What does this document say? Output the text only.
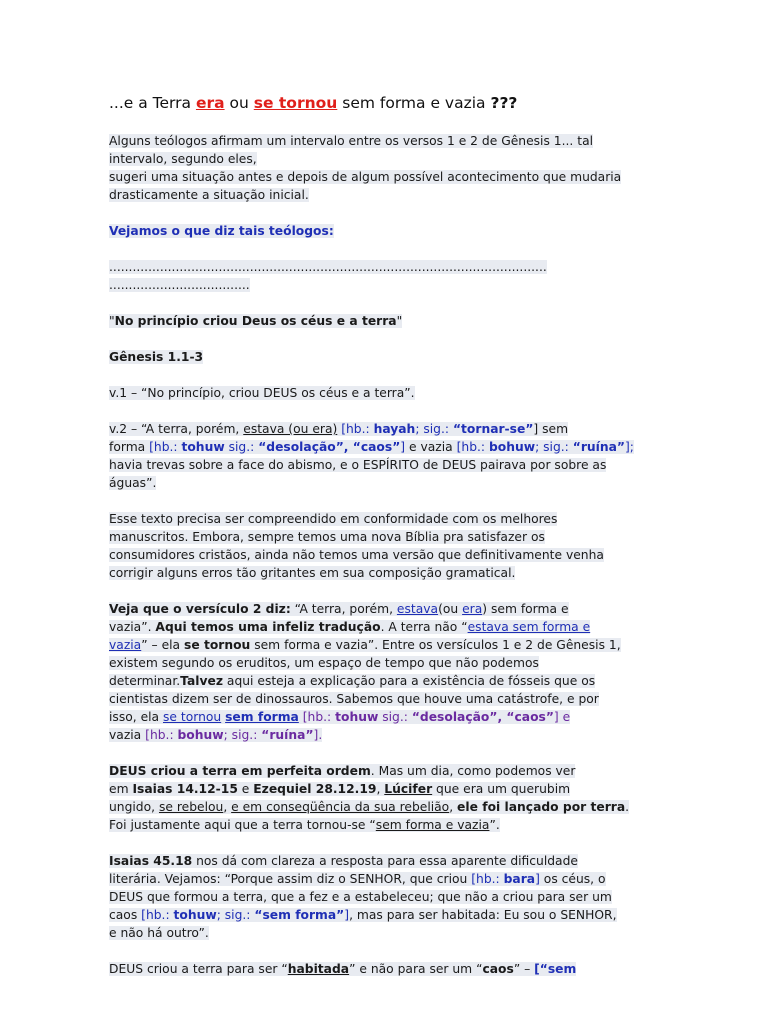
...e a Terra era ou se tornou sem forma e vazia ???
Alguns teólogos afirmam um intervalo entre os versos 1 e 2 de Gênesis 1... tal
intervalo, segundo eles,
sugeri uma situação antes e depois de algum possível acontecimento que mudaria
drasticamente a situação inicial.
Vejamos o que diz tais teólogos:
................................................................................................................
....................................
"No princípio criou Deus os céus e a terra"
Gênesis 1.1-3
v.1 – “No princípio, criou DEUS os céus e a terra”.
v.2 – “A terra, porém, estava (ou era) [hb.: hayah; sig.: “tornar-se”] sem
forma [hb.: tohuw sig.: “desolação”, “caos”] e vazia [hb.: bohuw; sig.: “ruína”];
havia trevas sobre a face do abismo, e o ESPÍRITO de DEUS pairava por sobre as
águas”.
Esse texto precisa ser compreendido em conformidade com os melhores
manuscritos. Embora, sempre temos uma nova Bíblia pra satisfazer os
consumidores cristãos, ainda não temos uma versão que definitivamente venha
corrigir alguns erros tão gritantes em sua composição gramatical.
Veja que o versículo 2 diz: “A terra, porém, estava(ou era) sem forma e
vazia”. Aqui temos uma infeliz tradução. A terra não “estava sem forma e
vazia” – ela se tornou sem forma e vazia”. Entre os versículos 1 e 2 de Gênesis 1,
existem segundo os eruditos, um espaço de tempo que não podemos
determinar.Talvez aqui esteja a explicação para a existência de fósseis que os
cientistas dizem ser de dinossauros. Sabemos que houve uma catástrofe, e por
isso, ela se tornou sem forma [hb.: tohuw sig.: “desolação”, “caos”] e
vazia [hb.: bohuw; sig.: “ruína”].
DEUS criou a terra em perfeita ordem. Mas um dia, como podemos ver
em Isaias 14.12-15 e Ezequiel 28.12.19, Lúcifer que era um querubim
ungido, se rebelou, e em conseqüência da sua rebelião, ele foi lançado por terra.
Foi justamente aqui que a terra tornou-se “sem forma e vazia”.
Isaias 45.18 nos dá com clareza a resposta para essa aparente dificuldade
literária. Vejamos: “Porque assim diz o SENHOR, que criou [hb.: bara] os céus, o
DEUS que formou a terra, que a fez e a estabeleceu; que não a criou para ser um
caos [hb.: tohuw; sig.: “sem forma”], mas para ser habitada: Eu sou o SENHOR,
e não há outro”.
DEUS criou a terra para ser “habitada” e não para ser um “caos” – [“sem
